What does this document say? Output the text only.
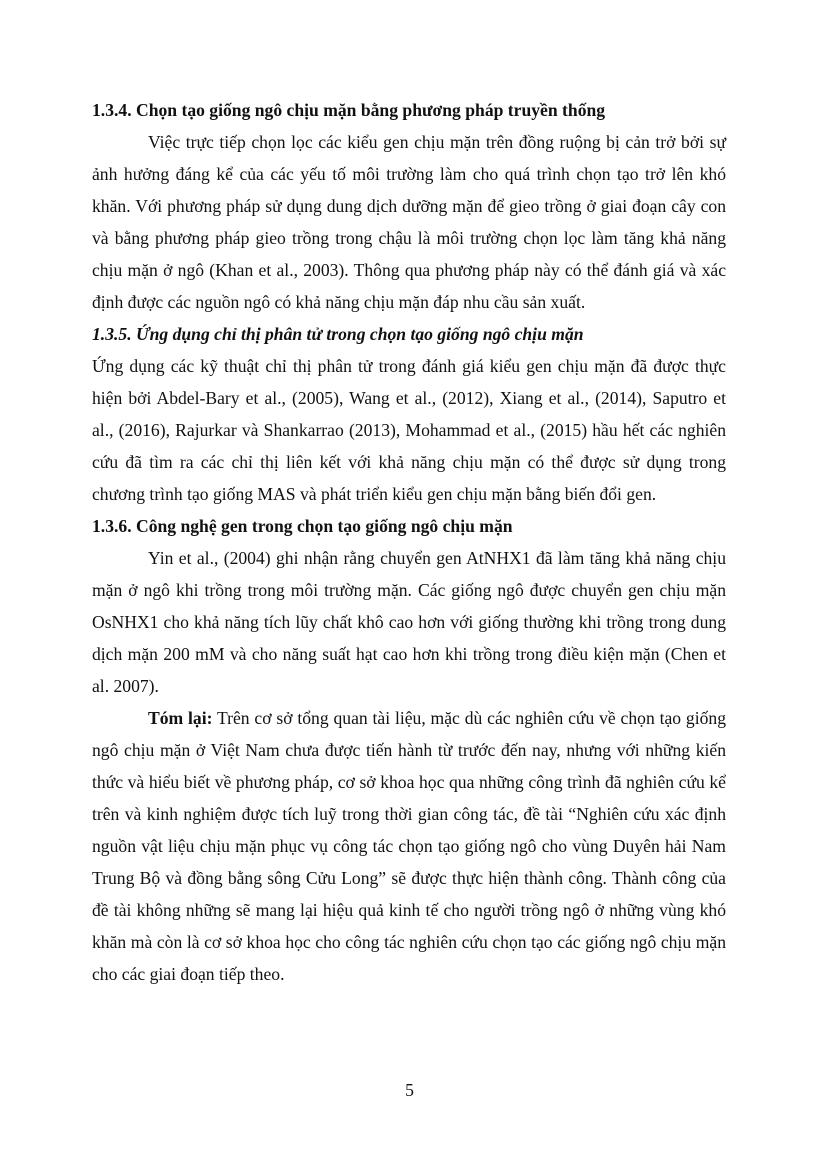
1.3.4. Chọn tạo giống ngô chịu mặn bằng phương pháp truyền thống

Việc trực tiếp chọn lọc các kiểu gen chịu mặn trên đồng ruộng bị cản trở bởi sự ảnh hưởng đáng kể của các yếu tố môi trường làm cho quá trình chọn tạo trở lên khó khăn. Với phương pháp sử dụng dung dịch dưỡng mặn để gieo trồng ở giai đoạn cây con và bằng phương pháp gieo trồng trong chậu là môi trường chọn lọc làm tăng khả năng chịu mặn ở ngô (Khan et al., 2003). Thông qua phương pháp này có thể đánh giá và xác định được các nguồn ngô có khả năng chịu mặn đáp nhu cầu sản xuất.

1.3.5. Ứng dụng chỉ thị phân tử trong chọn tạo giống ngô chịu mặn

Ứng dụng các kỹ thuật chỉ thị phân tử trong đánh giá kiểu gen chịu mặn đã được thực hiện bởi Abdel-Bary et al., (2005), Wang et al., (2012), Xiang et al., (2014), Saputro et al., (2016), Rajurkar và Shankarrao (2013), Mohammad et al., (2015) hầu hết các nghiên cứu đã tìm ra các chỉ thị liên kết với khả năng chịu mặn có thể được sử dụng trong chương trình tạo giống MAS và phát triển kiểu gen chịu mặn bằng biến đổi gen.

1.3.6. Công nghệ gen trong chọn tạo giống ngô chịu mặn

Yin et al., (2004) ghi nhận rằng chuyển gen AtNHX1 đã làm tăng khả năng chịu mặn ở ngô khi trồng trong môi trường mặn. Các giống ngô được chuyển gen chịu mặn OsNHX1 cho khả năng tích lũy chất khô cao hơn với giống thường khi trồng trong dung dịch mặn 200 mM và cho năng suất hạt cao hơn khi trồng trong điều kiện mặn (Chen et al. 2007).

Tóm lại: Trên cơ sở tổng quan tài liệu, mặc dù các nghiên cứu về chọn tạo giống ngô chịu mặn ở Việt Nam chưa được tiến hành từ trước đến nay, nhưng với những kiến thức và hiểu biết về phương pháp, cơ sở khoa học qua những công trình đã nghiên cứu kể trên và kinh nghiệm được tích luỹ trong thời gian công tác, đề tài “Nghiên cứu xác định nguồn vật liệu chịu mặn phục vụ công tác chọn tạo giống ngô cho vùng Duyên hải Nam Trung Bộ và đồng bằng sông Cửu Long” sẽ được thực hiện thành công. Thành công của đề tài không những sẽ mang lại hiệu quả kinh tế cho người trồng ngô ở những vùng khó khăn mà còn là cơ sở khoa học cho công tác nghiên cứu chọn tạo các giống ngô chịu mặn cho các giai đoạn tiếp theo.

5
